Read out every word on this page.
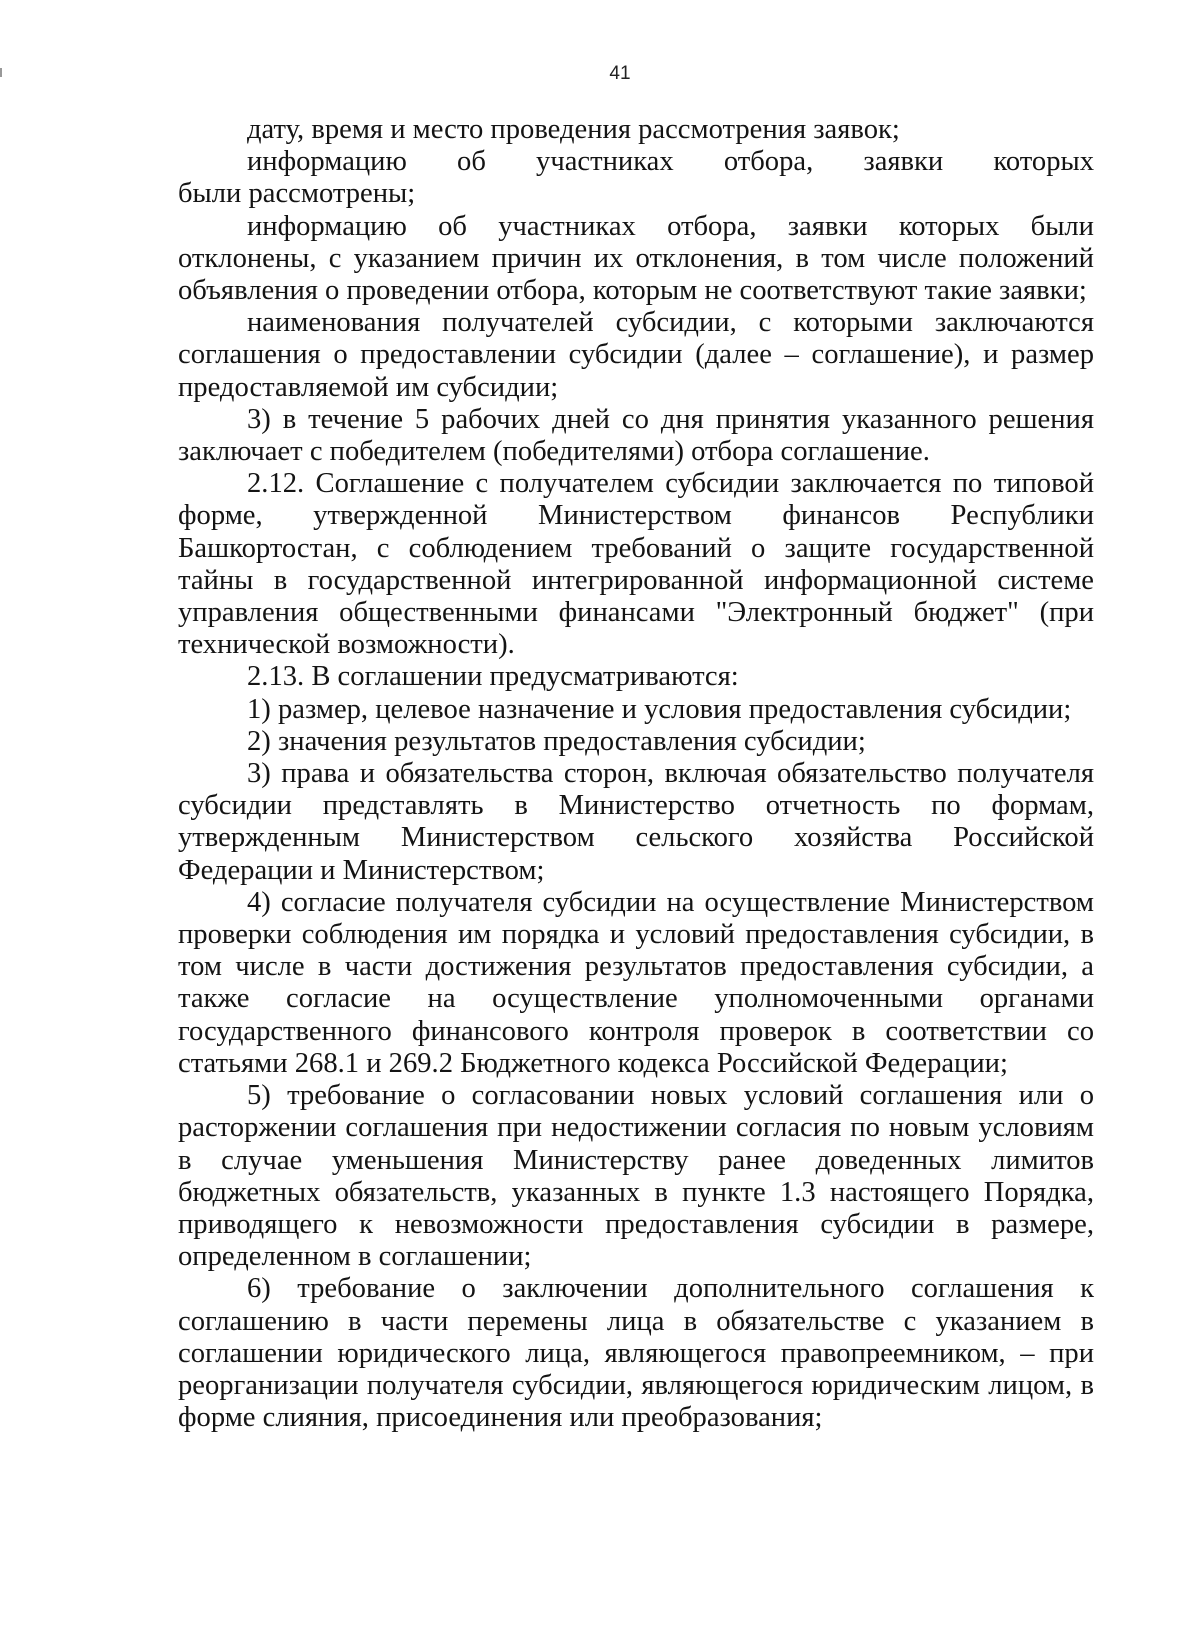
41

дату, время и место проведения рассмотрения заявок;

информацию об участниках отбора, заявки которых
были рассмотрены;

информацию об участниках отбора, заявки которых были отклонены, с указанием причин их отклонения, в том числе положений объявления о проведении отбора, которым не соответствуют такие заявки;

наименования получателей субсидии, с которыми заключаются соглашения о предоставлении субсидии (далее – соглашение), и размер предоставляемой им субсидии;

3) в течение 5 рабочих дней со дня принятия указанного решения заключает с победителем (победителями) отбора соглашение.

2.12. Соглашение с получателем субсидии заключается по типовой форме, утвержденной Министерством финансов Республики Башкортостан, с соблюдением требований о защите государственной тайны в государственной интегрированной информационной системе управления общественными финансами "Электронный бюджет" (при технической возможности).

2.13. В соглашении предусматриваются:

1) размер, целевое назначение и условия предоставления субсидии;

2) значения результатов предоставления субсидии;

3) права и обязательства сторон, включая обязательство получателя субсидии представлять в Министерство отчетность по формам, утвержденным Министерством сельского хозяйства Российской Федерации и Министерством;

4) согласие получателя субсидии на осуществление Министерством проверки соблюдения им порядка и условий предоставления субсидии, в том числе в части достижения результатов предоставления субсидии, а также согласие на осуществление уполномоченными органами государственного финансового контроля проверок в соответствии со статьями 268.1 и 269.2 Бюджетного кодекса Российской Федерации;

5) требование о согласовании новых условий соглашения или о расторжении соглашения при недостижении согласия по новым условиям в случае уменьшения Министерству ранее доведенных лимитов бюджетных обязательств, указанных в пункте 1.3 настоящего Порядка, приводящего к невозможности предоставления субсидии в размере, определенном в соглашении;

6) требование о заключении дополнительного соглашения к соглашению в части перемены лица в обязательстве с указанием в соглашении юридического лица, являющегося правопреемником, – при реорганизации получателя субсидии, являющегося юридическим лицом, в форме слияния, присоединения или преобразования;
